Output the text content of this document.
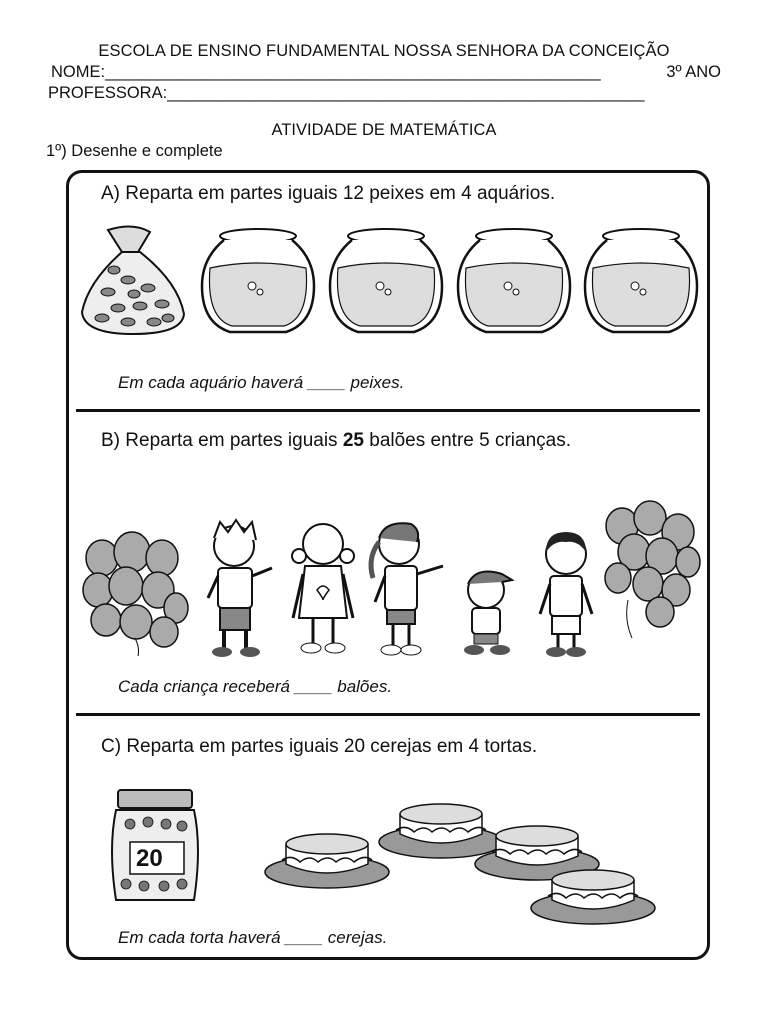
ESCOLA DE ENSINO FUNDAMENTAL NOSSA SENHORA DA CONCEIÇÃO
NOME:______________________________________________________	3º ANO
PROFESSORA:____________________________________________________
ATIVIDADE DE MATEMÁTICA
1º) Desenhe e complete
A) Reparta em partes iguais 12 peixes em 4 aquários.
Em cada aquário haverá ____ peixes.
B) Reparta em partes iguais 25 balões entre 5 crianças.
Cada criança receberá ____ balões.
C) Reparta em partes iguais 20 cerejas em 4 tortas.
20
Em cada torta haverá ____ cerejas.
